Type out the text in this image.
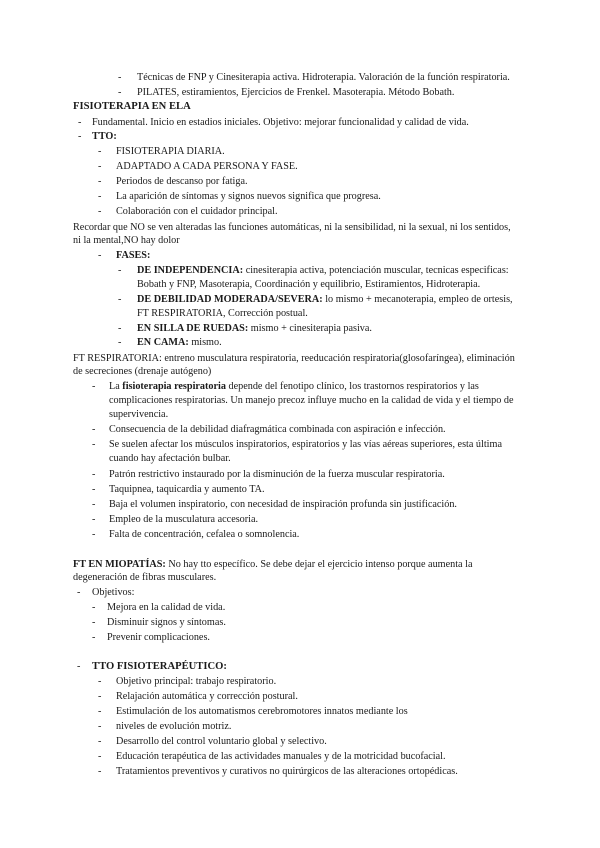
- Técnicas de FNP y Cinesiterapia activa. Hidroterapia. Valoración de la función respiratoria.
- PILATES, estiramientos, Ejercicios de Frenkel. Masoterapia. Método Bobath.
FISIOTERAPIA EN ELA
- Fundamental. Inicio en estadios iniciales. Objetivo: mejorar funcionalidad y calidad de vida.
- TTO:
- FISIOTERAPIA DIARIA.
- ADAPTADO A CADA PERSONA Y FASE.
- Periodos de descanso por fatiga.
- La aparición de síntomas y signos nuevos significa que progresa.
- Colaboración con el cuidador principal.
Recordar que NO se ven alteradas las funciones automáticas, ni la sensibilidad, ni la sexual, ni los sentidos,
ni la mental,NO hay dolor
- FASES:
- DE INDEPENDENCIA: cinesiterapia activa, potenciación muscular, tecnicas especificas:
Bobath y FNP, Masoterapia, Coordinación y equilibrio, Estiramientos, Hidroterapia.
- DE DEBILIDAD MODERADA/SEVERA: lo mismo + mecanoterapia, empleo de ortesis,
FT RESPIRATORIA, Corrección postual.
- EN SILLA DE RUEDAS: mismo + cinesiterapia pasiva.
- EN CAMA: mismo.
FT RESPIRATORIA: entreno musculatura respiratoria, reeducación respiratoria(glosofaríngea), eliminación
de secreciones (drenaje autógeno)
- La fisioterapia respiratoria depende del fenotipo clínico, los trastornos respiratorios y las
complicaciones respiratorias. Un manejo precoz influye mucho en la calidad de vida y el tiempo de
supervivencia.
- Consecuencia de la debilidad diafragmática combinada con aspiración e infección.
- Se suelen afectar los músculos inspiratorios, espiratorios y las vías aéreas superiores, esta última
cuando hay afectación bulbar.
- Patrón restrictivo instaurado por la disminución de la fuerza muscular respiratoria.
- Taquipnea, taquicardia y aumento TA.
- Baja el volumen inspiratorio, con necesidad de inspiración profunda sin justificación.
- Empleo de la musculatura accesoria.
- Falta de concentración, cefalea o somnolencia.
FT EN MIOPATÍAS: No hay tto específico. Se debe dejar el ejercicio intenso porque aumenta la
degeneración de fibras musculares.
- Objetivos:
- Mejora en la calidad de vida.
- Disminuir signos y síntomas.
- Prevenir complicaciones.
- TTO FISIOTERAPÉUTICO:
- Objetivo principal: trabajo respiratorio.
- Relajación automática y corrección postural.
- Estimulación de los automatismos cerebromotores innatos mediante los
- niveles de evolución motriz.
- Desarrollo del control voluntario global y selectivo.
- Educación terapéutica de las actividades manuales y de la motricidad bucofacial.
- Tratamientos preventivos y curativos no quirúrgicos de las alteraciones ortopédicas.
